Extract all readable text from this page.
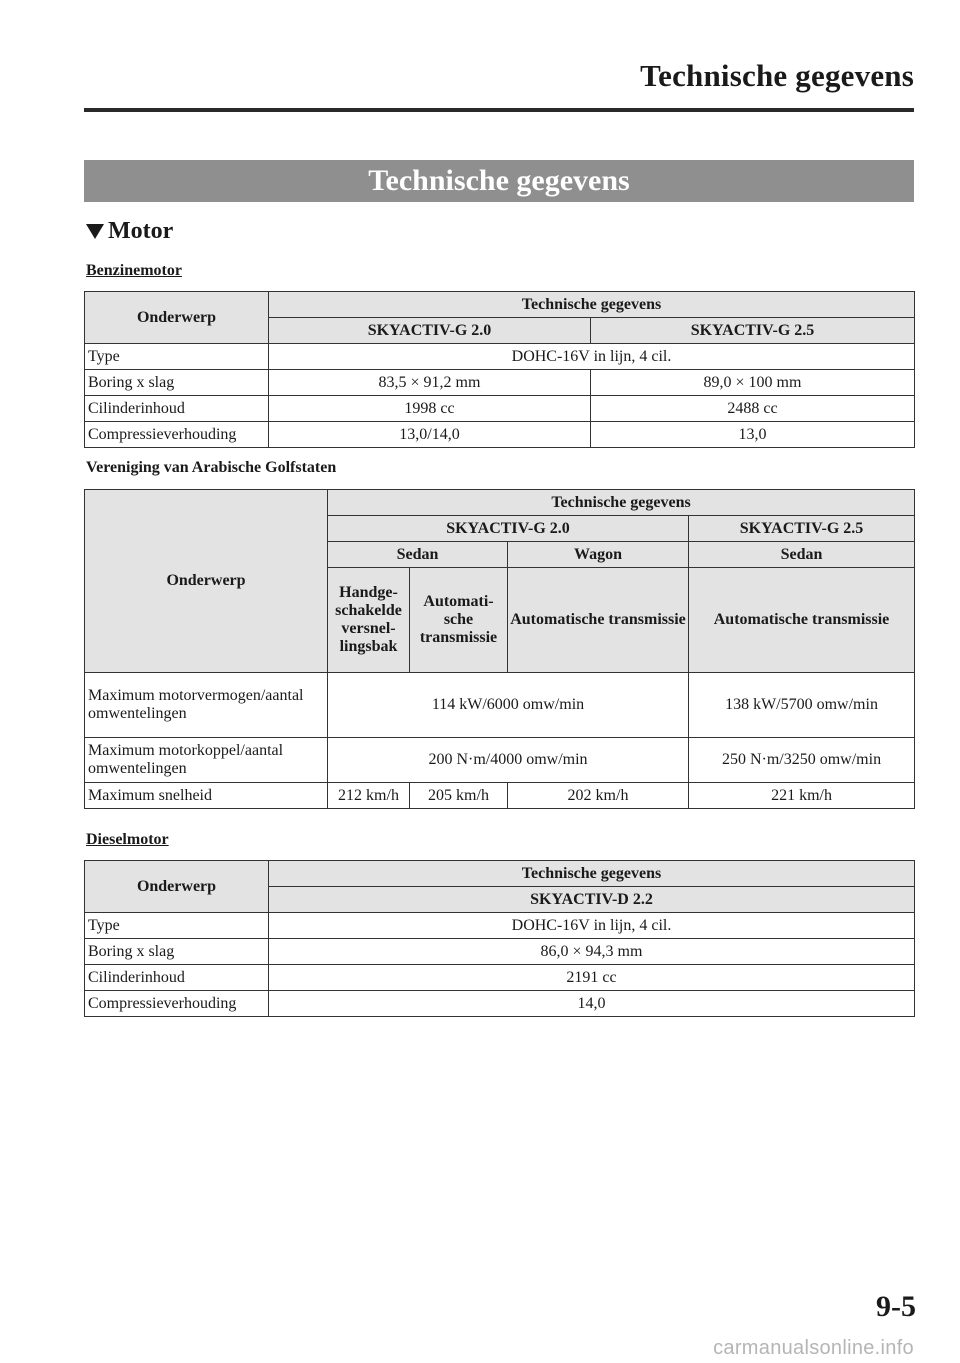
Technische gegevens
Technische gegevens
Motor
Benzinemotor
Onderwerp	Technische gegevens	
	SKYACTIV-G 2.0	SKYACTIV-G 2.5
Type	DOHC-16V in lijn, 4 cil.	
Boring x slag	83,5 × 91,2 mm	89,0 × 100 mm
Cilinderinhoud	1998 cc	2488 cc
Compressieverhouding	13,0/14,0	13,0
Vereniging van Arabische Golfstaten
Onderwerp	Technische gegevens			
	SKYACTIV-G 2.0			SKYACTIV-G 2.5
	Sedan		Wagon	Sedan
	Handge-schakelde versnel-lingsbak	Automati-sche transmissie	Automatische transmissie	Automatische transmissie
Maximum motorvermogen/aantal omwentelingen	114 kW/6000 omw/min			138 kW/5700 omw/min
Maximum motorkoppel/aantal omwentelingen	200 N·m/4000 omw/min			250 N·m/3250 omw/min
Maximum snelheid	212 km/h	205 km/h	202 km/h	221 km/h
Dieselmotor
Onderwerp	Technische gegevens
	SKYACTIV-D 2.2
Type	DOHC-16V in lijn, 4 cil.
Boring x slag	86,0 × 94,3 mm
Cilinderinhoud	2191 cc
Compressieverhouding	14,0
9-5
carmanualsonline.info
